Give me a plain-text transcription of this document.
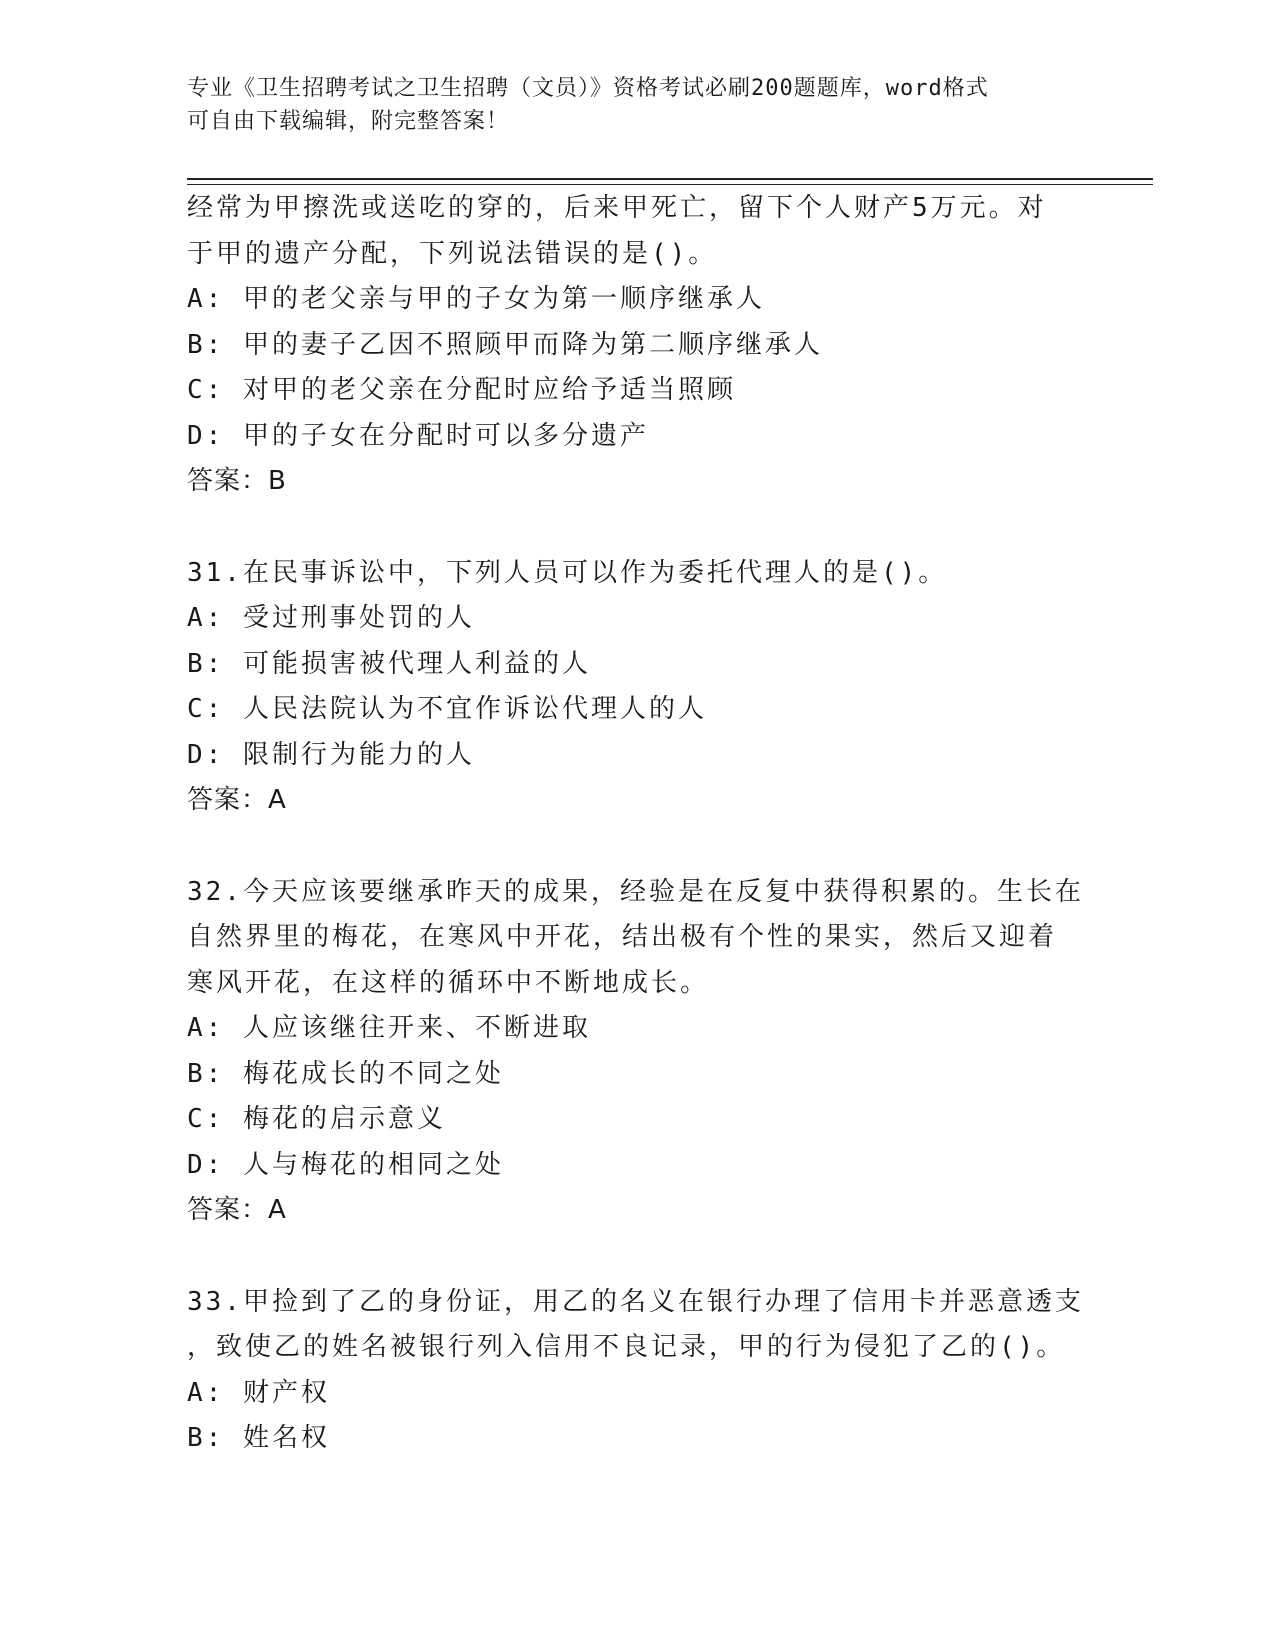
专业《卫生招聘考试之卫生招聘（文员）》资格考试必刷200题题库，word格式
可自由下载编辑，附完整答案！
经常为甲擦洗或送吃的穿的，后来甲死亡，留下个人财产5万元。对
于甲的遗产分配，下列说法错误的是()。
A: 甲的老父亲与甲的子女为第一顺序继承人
B: 甲的妻子乙因不照顾甲而降为第二顺序继承人
C: 对甲的老父亲在分配时应给予适当照顾
D: 甲的子女在分配时可以多分遗产
答案：B
31.在民事诉讼中，下列人员可以作为委托代理人的是()。
A: 受过刑事处罚的人
B: 可能损害被代理人利益的人
C: 人民法院认为不宜作诉讼代理人的人
D: 限制行为能力的人
答案：A
32.今天应该要继承昨天的成果，经验是在反复中获得积累的。生长在
自然界里的梅花，在寒风中开花，结出极有个性的果实，然后又迎着
寒风开花，在这样的循环中不断地成长。
A: 人应该继往开来、不断进取
B: 梅花成长的不同之处
C: 梅花的启示意义
D: 人与梅花的相同之处
答案：A
33.甲捡到了乙的身份证，用乙的名义在银行办理了信用卡并恶意透支
，致使乙的姓名被银行列入信用不良记录，甲的行为侵犯了乙的()。
A: 财产权
B: 姓名权
